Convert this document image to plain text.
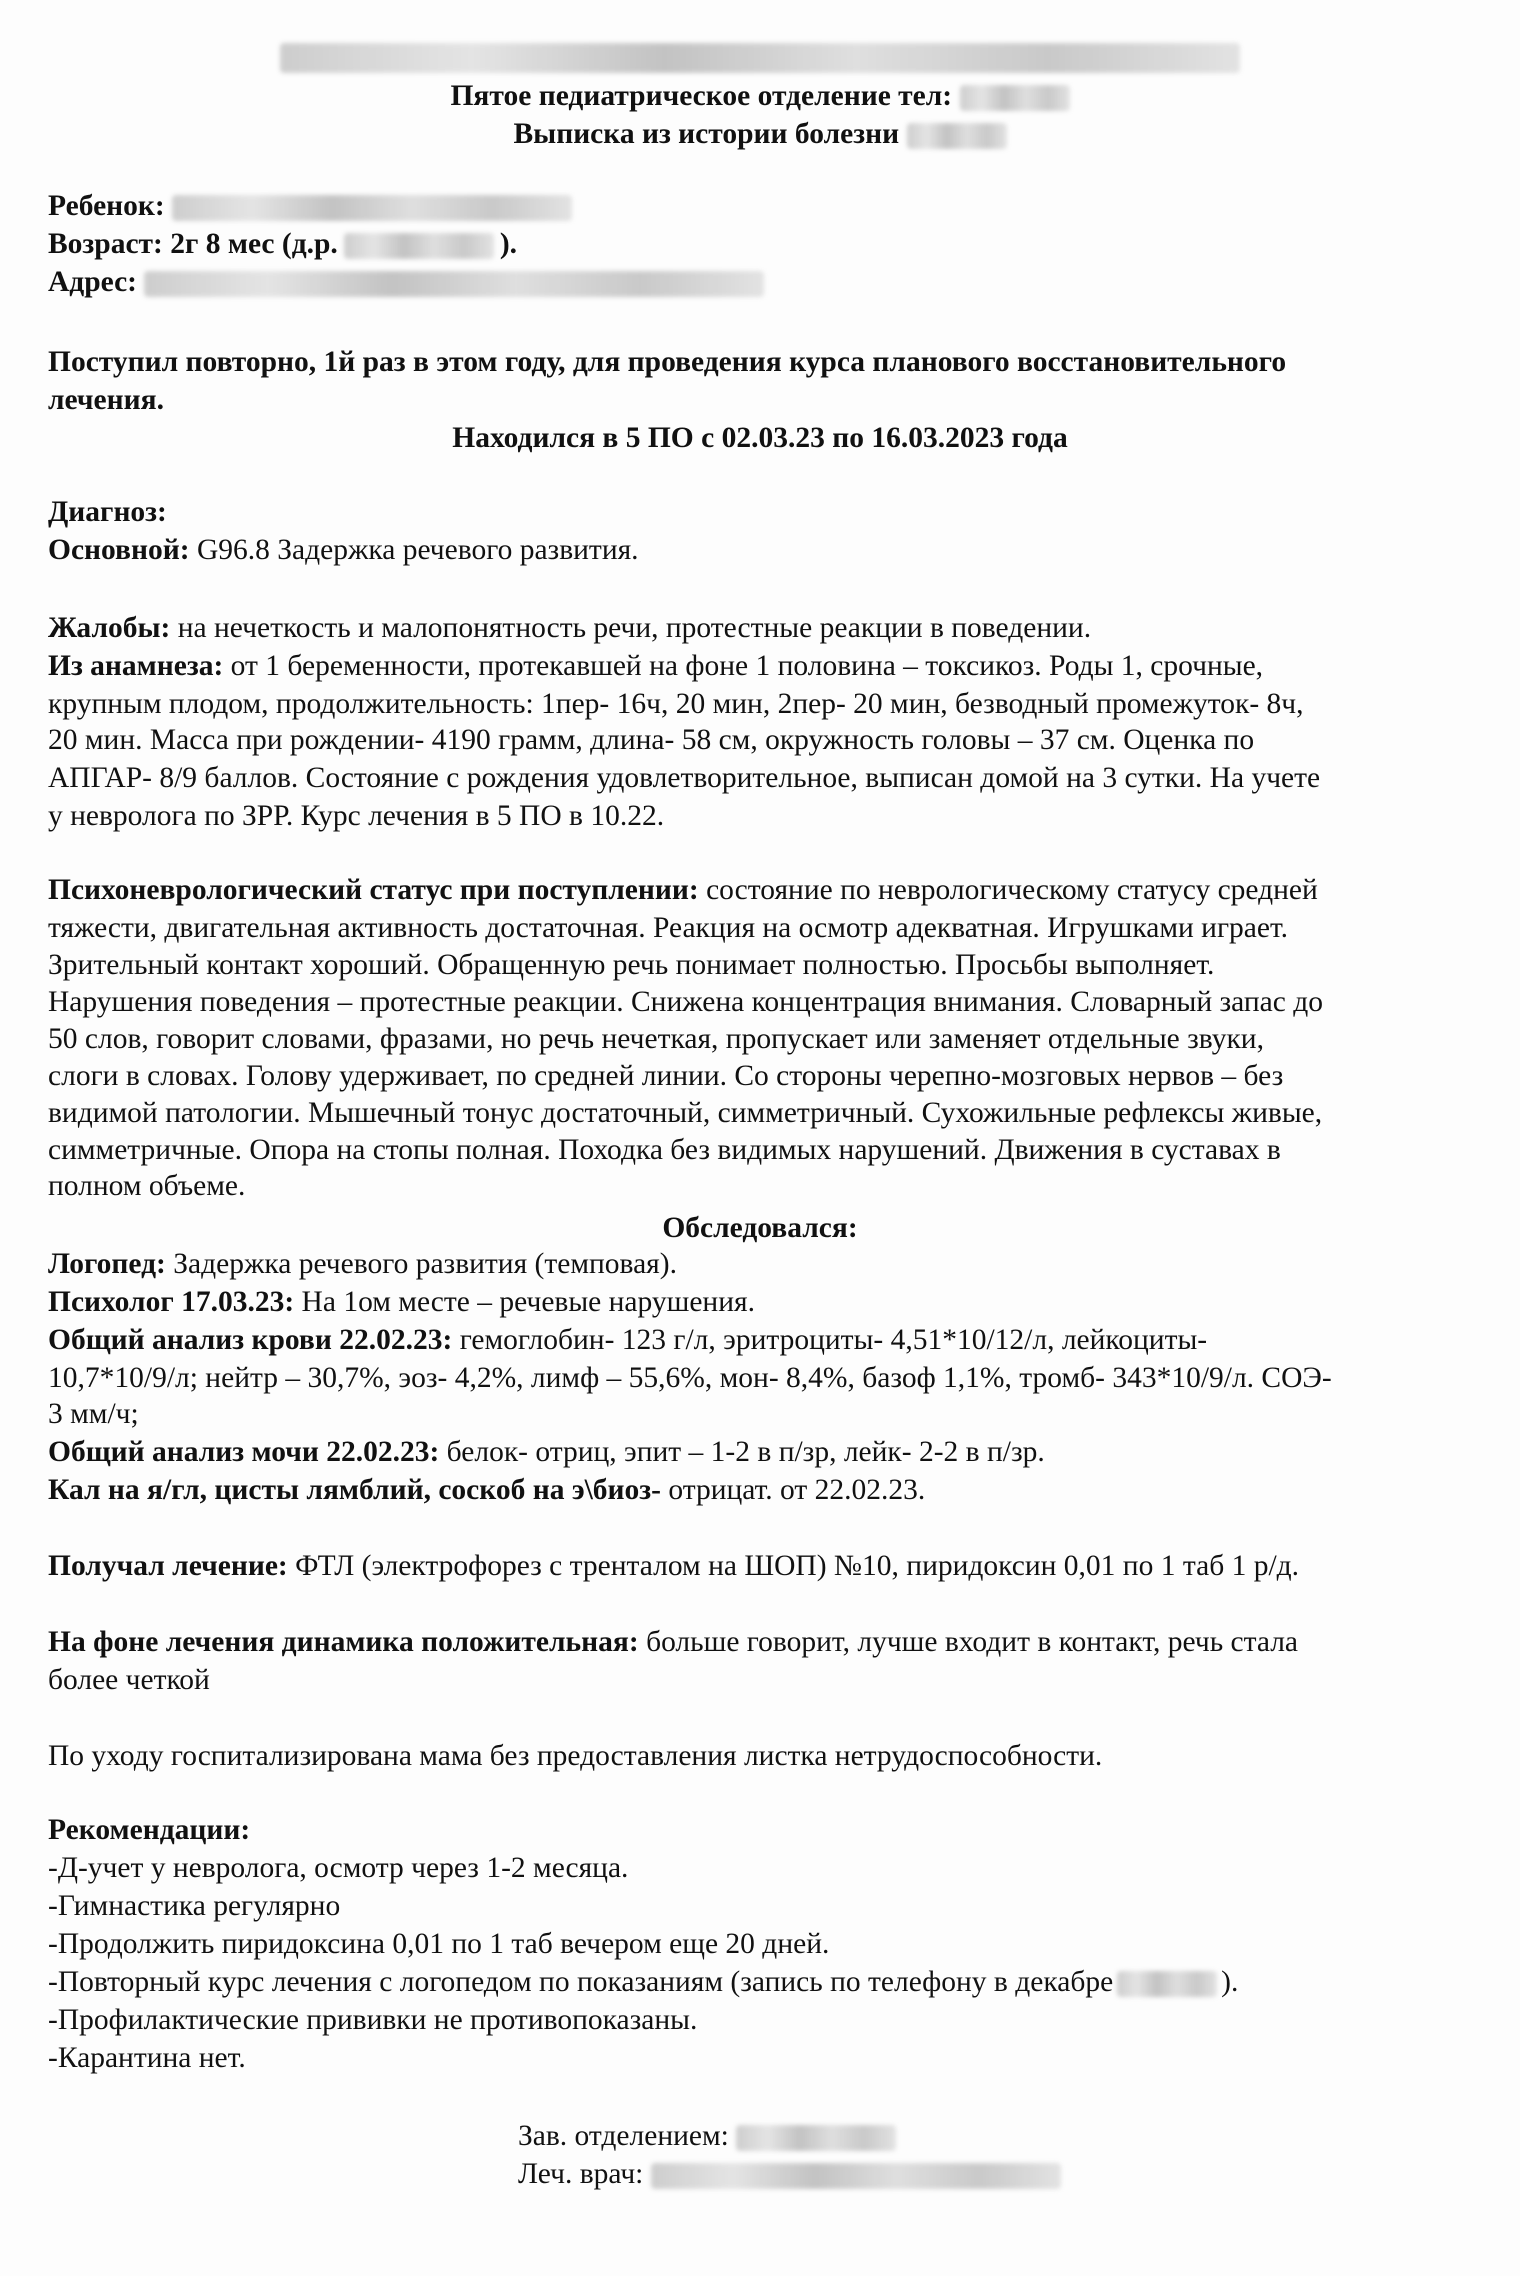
Пятое педиатрическое отделение тел:
Выписка из истории болезни
Ребенок:
Возраст: 2г 8 мес (д.р.	).
Адрес:
Поступил повторно, 1й раз в этом году, для проведения курса планового восстановительного
лечения.
Находился в 5 ПО с 02.03.23 по 16.03.2023 года
Диагноз:
Основной: G96.8 Задержка речевого развития.
Жалобы: на нечеткость и малопонятность речи, протестные реакции в поведении.
Из анамнеза: от 1 беременности, протекавшей на фоне 1 половина – токсикоз. Роды 1, срочные,
крупным плодом, продолжительность: 1пер- 16ч, 20 мин, 2пер- 20 мин, безводный промежуток- 8ч,
20 мин. Масса при рождении- 4190 грамм, длина- 58 см, окружность головы – 37 см. Оценка по
АПГАР- 8/9 баллов. Состояние с рождения удовлетворительное, выписан домой на 3 сутки. На учете
у невролога по ЗРР. Курс лечения в 5 ПО в 10.22.
Психоневрологический статус при поступлении: состояние по неврологическому статусу средней
тяжести, двигательная активность достаточная. Реакция на осмотр адекватная. Игрушками играет.
Зрительный контакт хороший. Обращенную речь понимает полностью. Просьбы выполняет.
Нарушения поведения – протестные реакции. Снижена концентрация внимания. Словарный запас до
50 слов, говорит словами, фразами, но речь нечеткая, пропускает или заменяет отдельные звуки,
слоги в словах. Голову удерживает, по средней линии. Со стороны черепно-мозговых нервов – без
видимой патологии. Мышечный тонус достаточный, симметричный. Сухожильные рефлексы живые,
симметричные. Опора на стопы полная. Походка без видимых нарушений. Движения в суставах в
полном объеме.
Обследовался:
Логопед: Задержка речевого развития (темповая).
Психолог 17.03.23: На 1ом месте – речевые нарушения.
Общий анализ крови 22.02.23: гемоглобин- 123 г/л, эритроциты- 4,51*10/12/л, лейкоциты-
10,7*10/9/л; нейтр – 30,7%, эоз- 4,2%, лимф – 55,6%, мон- 8,4%, базоф 1,1%, тромб- 343*10/9/л. СОЭ-
3 мм/ч;
Общий анализ мочи 22.02.23: белок- отриц, эпит – 1-2 в п/зр, лейк- 2-2 в п/зр.
Кал на я/гл, цисты лямблий, соскоб на э\биоз- отрицат. от 22.02.23.
Получал лечение: ФТЛ (электрофорез с тренталом на ШОП) №10, пиридоксин 0,01 по 1 таб 1 р/д.
На фоне лечения динамика положительная: больше говорит, лучше входит в контакт, речь стала
более четкой
По уходу госпитализирована мама без предоставления листка нетрудоспособности.
Рекомендации:
-Д-учет у невролога, осмотр через 1-2 месяца.
-Гимнастика регулярно
-Продолжить пиридоксина 0,01 по 1 таб вечером еще 20 дней.
-Повторный курс лечения с логопедом по показаниям (запись по телефону в декабре	).
-Профилактические прививки не противопоказаны.
-Карантина нет.
Зав. отделением:
Леч. врач:
